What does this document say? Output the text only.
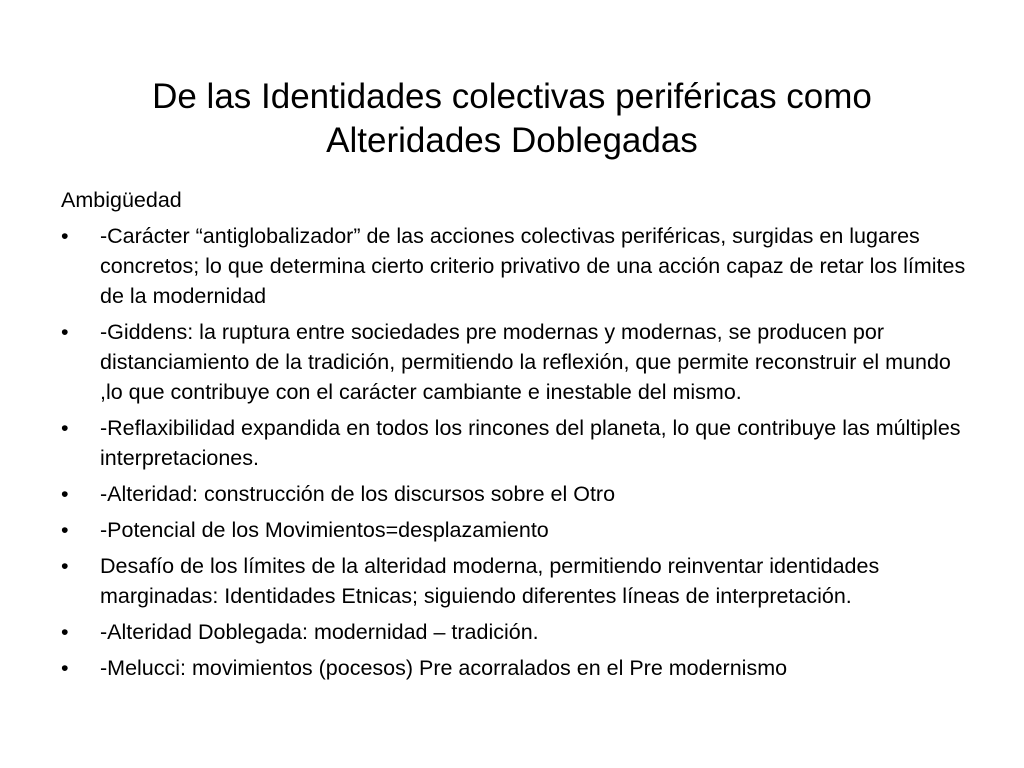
De las Identidades colectivas periféricas como
Alteridades Doblegadas

Ambigüedad

•	-Carácter “antiglobalizador” de las acciones colectivas periféricas, surgidas en lugares concretos; lo que determina cierto criterio privativo de una acción capaz de retar los límites de la modernidad
•	-Giddens: la ruptura entre sociedades pre modernas y modernas, se producen por distanciamiento de la tradición, permitiendo la reflexión, que permite reconstruir el mundo ,lo que contribuye con el carácter cambiante e inestable del mismo.
•	-Reflaxibilidad expandida en todos los rincones del planeta, lo que contribuye las múltiples interpretaciones.
•	-Alteridad: construcción de los discursos sobre el Otro
•	-Potencial de los Movimientos=desplazamiento
•	Desafío de los límites de la alteridad moderna, permitiendo reinventar identidades marginadas: Identidades Etnicas; siguiendo diferentes líneas de interpretación.
•	-Alteridad Doblegada: modernidad – tradición.
•	-Melucci: movimientos (pocesos) Pre acorralados en el Pre modernismo
